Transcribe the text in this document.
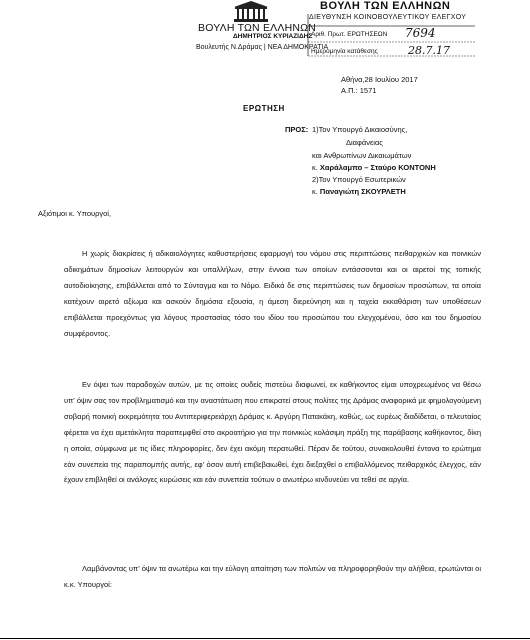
ΒΟΥΛΗ ΤΩΝ ΕΛΛΗΝΩΝ
ΔΗΜΗΤΡΙΟΣ ΚΥΡΙΑΖΙΔΗΣ
Βουλευτής Ν.Δράμας | ΝΕΑ ΔΗΜΟΚΡΑΤΙΑ
ΒΟΥΛΗ ΤΩΝ ΕΛΛΗΝΩΝ
ΔΙΕΥΘΥΝΣΗ ΚΟΙΝΟΒΟΥΛΕΥΤΙΚΟΥ ΕΛΕΓΧΟΥ
Αριθ. Πρωτ. ΕΡΩΤΗΣΕΩΝ
Ημερομηνία κατάθεσης
7694
28.7.17
Αθήνα,28 Ιουλίου 2017
Α.Π.: 1571
ΕΡΩΤΗΣΗ
ΠΡΟΣ: 1)Τον Υπουργό Δικαιοσύνης,
Διαφάνειας
και Ανθρωπίνων Δικαιωμάτων
κ. Χαράλαμπο – Σταύρο ΚΟΝΤΟΝΗ
2)Τον Υπουργό Εσωτερικών
κ. Παναγιώτη ΣΚΟΥΡΛΕΤΗ
Αξιότιμοι κ. Υπουργοί,
Η χωρίς διακρίσεις ή αδικαιολόγητες καθυστερήσεις εφαρμογή του νόμου στις περιπτώσεις πειθαρχικών και ποινικών αδικημάτων δημοσίων λειτουργών και υπαλλήλων, στην έννοια των οποίων εντάσσονται και οι αιρετοί της τοπικής αυτοδιοίκησης, επιβάλλεται από το Σύνταγμα και το Νόμο. Ειδικά δε στις περιπτώσεις των δημοσίων προσώπων, τα οποία κατέχουν αιρετό αξίωμα και ασκούν δημόσια εξουσία, η άμεση διερεύνηση και η ταχεία εκκαθάριση των υποθέσεων επιβάλλεται προεχόντως για λόγους προστασίας τόσο του ιδίου του προσώπου του ελεγχομένου, όσο και του δημοσίου συμφέροντος.
Εν όψει των παραδοχών αυτών, με τις οποίες ουδείς πιστεύω διαφωνεί, εκ καθήκοντος είμαι υποχρεωμένος να θέσω υπ' όψιν σας τον προβληματισμό και την αναστάτωση που επικρατεί στους πολίτες της Δράμας αναφορικά με φημολογούμενη σοβαρή ποινική εκκρεμότητα του Αντιπεριφερειάρχη Δράμας κ. Αργύρη Πατακάκη, καθώς, ως ευρέως διαδίδεται, ο τελευταίος φέρεται να έχει αμετάκλητα παραπεμφθεί στο ακροατήριο για την ποινικώς κολάσιμη πράξη της παράβασης καθήκοντος, δίκη η οποία, σύμφωνα με τις ίδιες πληροφορίες, δεν έχει ακόμη περατωθεί. Πέραν δε τούτου, συνακολουθεί έντονα το ερώτημα εάν συνεπεία της παραπομπής αυτής, εφ' όσον αυτή επιβεβαιωθεί, έχει διεξαχθεί ο επιβαλλόμενος πειθαρχικός έλεγχος, εάν έχουν επιβληθεί οι ανάλογες κυρώσεις και εάν συνεπεία τούτων ο ανωτέρω κινδυνεύει να τεθεί σε αργία.
Λαμβάνοντας υπ' όψιν τα ανωτέρω και την εύλογη απαίτηση των πολιτών να πληροφορηθούν την αλήθεια, ερωτώνται οι κ.κ. Υπουργοί:
